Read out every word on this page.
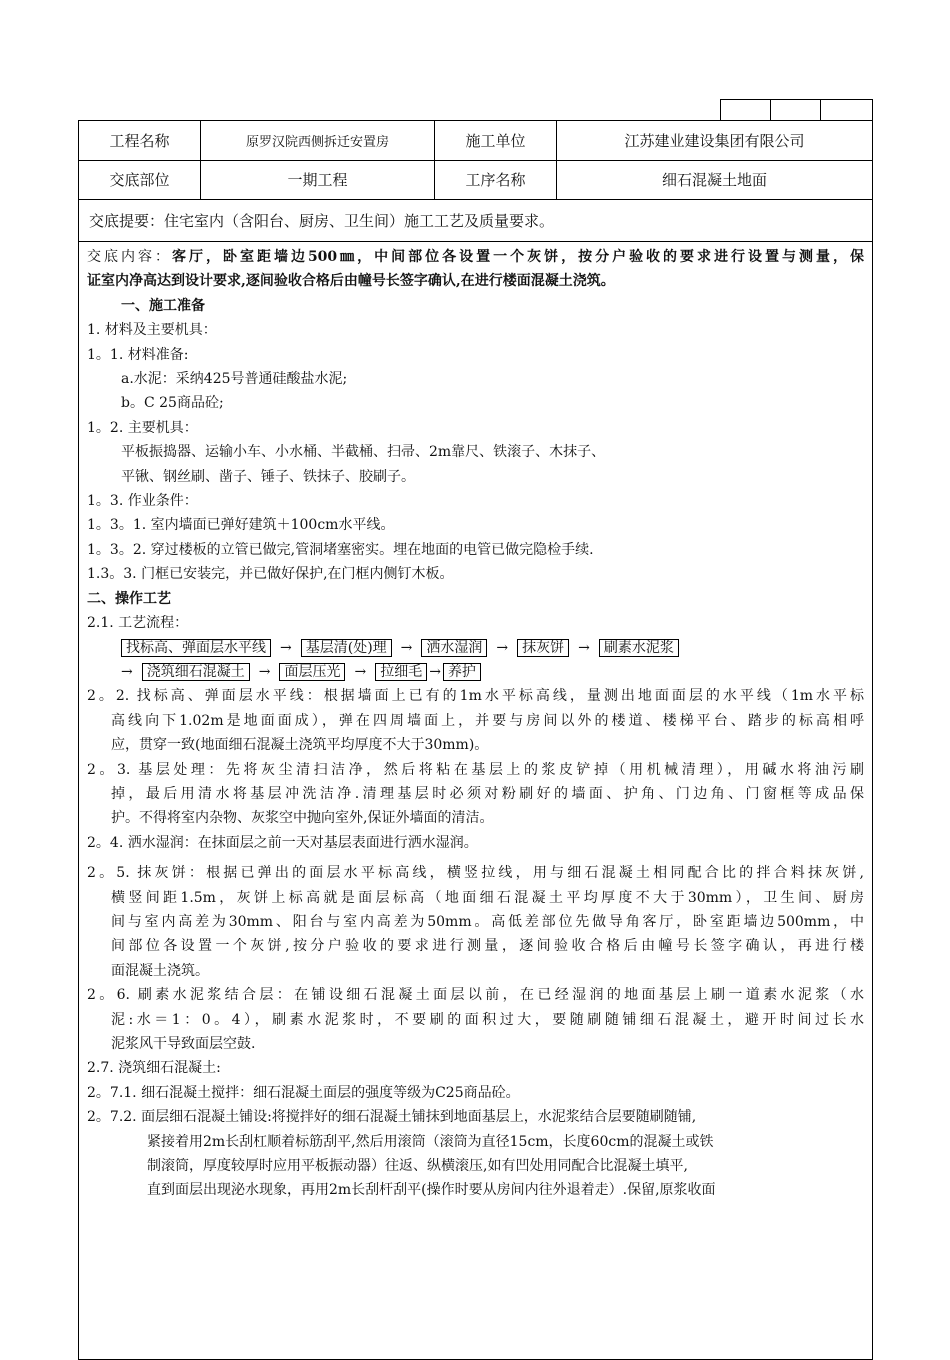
工程名称	原罗汉院西侧拆迁安置房	施工单位	江苏建业建设集团有限公司
交底部位	一期工程	工序名称	细石混凝土地面
交底提要：住宅室内（含阳台、厨房、卫生间）施工工艺及质量要求。
交底内容：客厅，卧室距墙边500㎜，中间部位各设置一个灰饼，按分户验收的要求进行设置与测量，保
证室内净高达到设计要求,逐间验收合格后由幢号长签字确认,在进行楼面混凝土浇筑。
一、施工准备
1. 材料及主要机具：
1。1. 材料准备:
a.水泥：采纳425号普通硅酸盐水泥;
b。C 25商品砼;
1。2. 主要机具：
平板振捣器、运输小车、小水桶、半截桶、扫帚、2m靠尺、铁滚子、木抹子、
平锹、钢丝刷、凿子、锤子、铁抹子、胶刷子。
1。3. 作业条件：
1。3。1. 室内墙面已弹好建筑＋100cm水平线。
1。3。2. 穿过楼板的立管已做完,管洞堵塞密实。埋在地面的电管已做完隐检手续.
1.3。3. 门框已安装完，并已做好保护,在门框内侧钉木板。
二、操作工艺
2.1. 工艺流程：
找标高、弹面层水平线	→	基层清(处)理	→	洒水湿润	→	抹灰饼	→	刷素水泥浆
→	浇筑细石混凝土	→	面层压光	→	拉细毛 → 养护
2。2. 找标高、弹面层水平线：根据墙面上已有的1m水平标高线，量测出地面面层的水平线（1m水平标
高线向下1.02m是地面面成），弹在四周墙面上，并要与房间以外的楼道、楼梯平台、踏步的标高相呼
应，贯穿一致(地面细石混凝土浇筑平均厚度不大于30mm)。
2。3. 基层处理：先将灰尘清扫洁净，然后将粘在基层上的浆皮铲掉（用机械清理），用碱水将油污刷
掉，最后用清水将基层冲洗洁净.清理基层时必须对粉刷好的墙面、护角、门边角、门窗框等成品保
护。不得将室内杂物、灰浆空中抛向室外,保证外墙面的清洁。
2。4. 洒水湿润：在抹面层之前一天对基层表面进行洒水湿润。
2。5. 抹灰饼：根据已弹出的面层水平标高线，横竖拉线，用与细石混凝土相同配合比的拌合料抹灰饼,
横竖间距1.5m，灰饼上标高就是面层标高（地面细石混凝土平均厚度不大于30mm），卫生间、厨房
间与室内高差为30mm、阳台与室内高差为50mm。高低差部位先做导角客厅，卧室距墙边500mm，中
间部位各设置一个灰饼,按分户验收的要求进行测量，逐间验收合格后由幢号长签字确认，再进行楼
面混凝土浇筑。
2。6. 刷素水泥浆结合层：在铺设细石混凝土面层以前，在已经湿润的地面基层上刷一道素水泥浆（水
泥:水＝1：0。4），刷素水泥浆时，不要刷的面积过大，要随刷随铺细石混凝土，避开时间过长水
泥浆风干导致面层空鼓.
2.7. 浇筑细石混凝土:
2。7.1. 细石混凝土搅拌：细石混凝土面层的强度等级为C25商品砼。
2。7.2. 面层细石混凝土铺设:将搅拌好的细石混凝土铺抹到地面基层上，水泥浆结合层要随刷随铺,
紧接着用2m长刮杠顺着标筋刮平,然后用滚筒（滚筒为直径15cm，长度60cm的混凝土或铁
制滚筒，厚度较厚时应用平板振动器）往返、纵横滚压,如有凹处用同配合比混凝土填平,
直到面层出现泌水现象，再用2m长刮杆刮平(操作时要从房间内往外退着走）.保留,原浆收面
